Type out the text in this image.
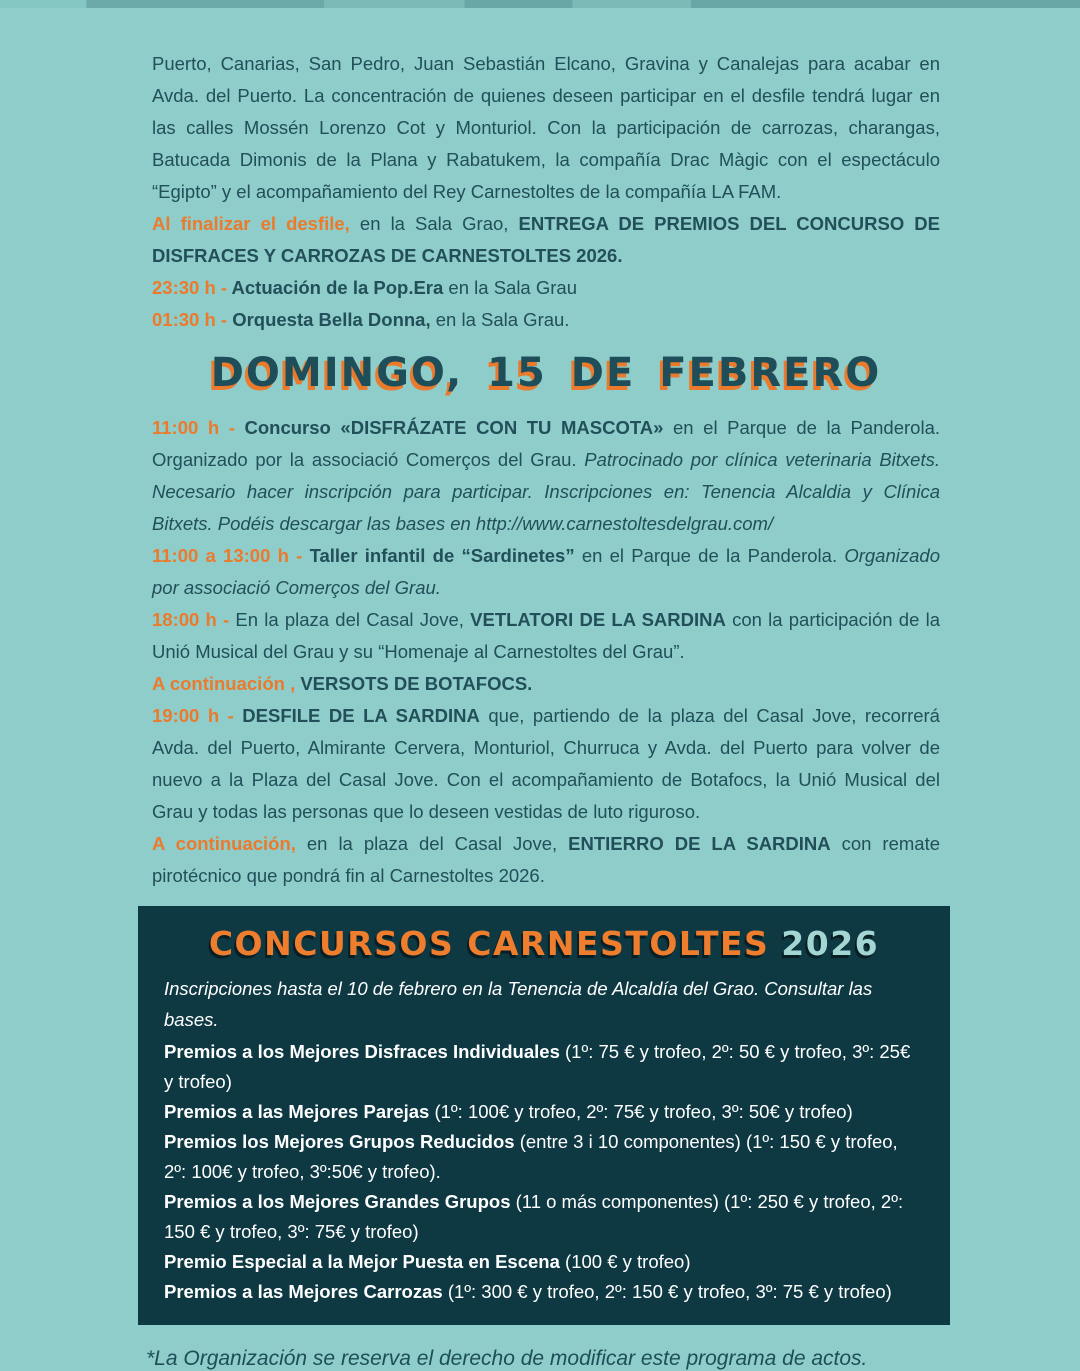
Puerto, Canarias, San Pedro, Juan Sebastián Elcano, Gravina y Canalejas para acabar en Avda. del Puerto. La concentración de quienes deseen participar en el desfile tendrá lugar en las calles Mossén Lorenzo Cot y Monturiol. Con la participación de carrozas, charangas, Batucada Dimonis de la Plana y Rabatukem, la compañía Drac Màgic con el espectáculo “Egipto” y el acompañamiento del Rey Carnestoltes de la compañía LA FAM.

Al finalizar el desfile, en la Sala Grao, ENTREGA DE PREMIOS DEL CONCURSO DE DISFRACES Y CARROZAS DE CARNESTOLTES 2026.

23:30 h - Actuación de la Pop.Era en la Sala Grau

01:30 h - Orquesta Bella Donna, en la Sala Grau.

DOMINGO, 15 DE FEBRERO

11:00 h - Concurso «DISFRÁZATE CON TU MASCOTA» en el Parque de la Panderola. Organizado por la associació Comerços del Grau. Patrocinado por clínica veterinaria Bitxets. Necesario hacer inscripción para participar. Inscripciones en: Tenencia Alcaldia y Clínica Bitxets. Podéis descargar las bases en http://www.carnestoltesdelgrau.com/

11:00 a 13:00 h - Taller infantil de “Sardinetes” en el Parque de la Panderola. Organizado por associació Comerços del Grau.

18:00 h - En la plaza del Casal Jove, VETLATORI DE LA SARDINA con la participación de la Unió Musical del Grau y su “Homenaje al Carnestoltes del Grau”.

A continuación , VERSOTS DE BOTAFOCS.

19:00 h - DESFILE DE LA SARDINA que, partiendo de la plaza del Casal Jove, recorrerá Avda. del Puerto, Almirante Cervera, Monturiol, Churruca y Avda. del Puerto para volver de nuevo a la Plaza del Casal Jove. Con el acompañamiento de Botafocs, la Unió Musical del Grau y todas las personas que lo deseen vestidas de luto riguroso.

A continuación, en la plaza del Casal Jove, ENTIERRO DE LA SARDINA con remate pirotécnico que pondrá fin al Carnestoltes 2026.

CONCURSOS CARNESTOLTES 2026

Inscripciones hasta el 10 de febrero en la Tenencia de Alcaldía del Grao. Consultar las bases.

Premios a los Mejores Disfraces Individuales (1º: 75 € y trofeo, 2º: 50 € y trofeo, 3º: 25€ y trofeo)

Premios a las Mejores Parejas (1º: 100€ y trofeo, 2º: 75€ y trofeo, 3º: 50€ y trofeo)

Premios los Mejores Grupos Reducidos (entre 3 i 10 componentes) (1º: 150 € y trofeo, 2º: 100€ y trofeo, 3º:50€ y trofeo).

Premios a los Mejores Grandes Grupos (11 o más componentes) (1º: 250 € y trofeo, 2º: 150 € y trofeo, 3º: 75€ y trofeo)

Premio Especial a la Mejor Puesta en Escena (100 € y trofeo)

Premios a las Mejores Carrozas (1º: 300 € y trofeo, 2º: 150 € y trofeo, 3º: 75 € y trofeo)

*La Organización se reserva el derecho de modificar este programa de actos.
